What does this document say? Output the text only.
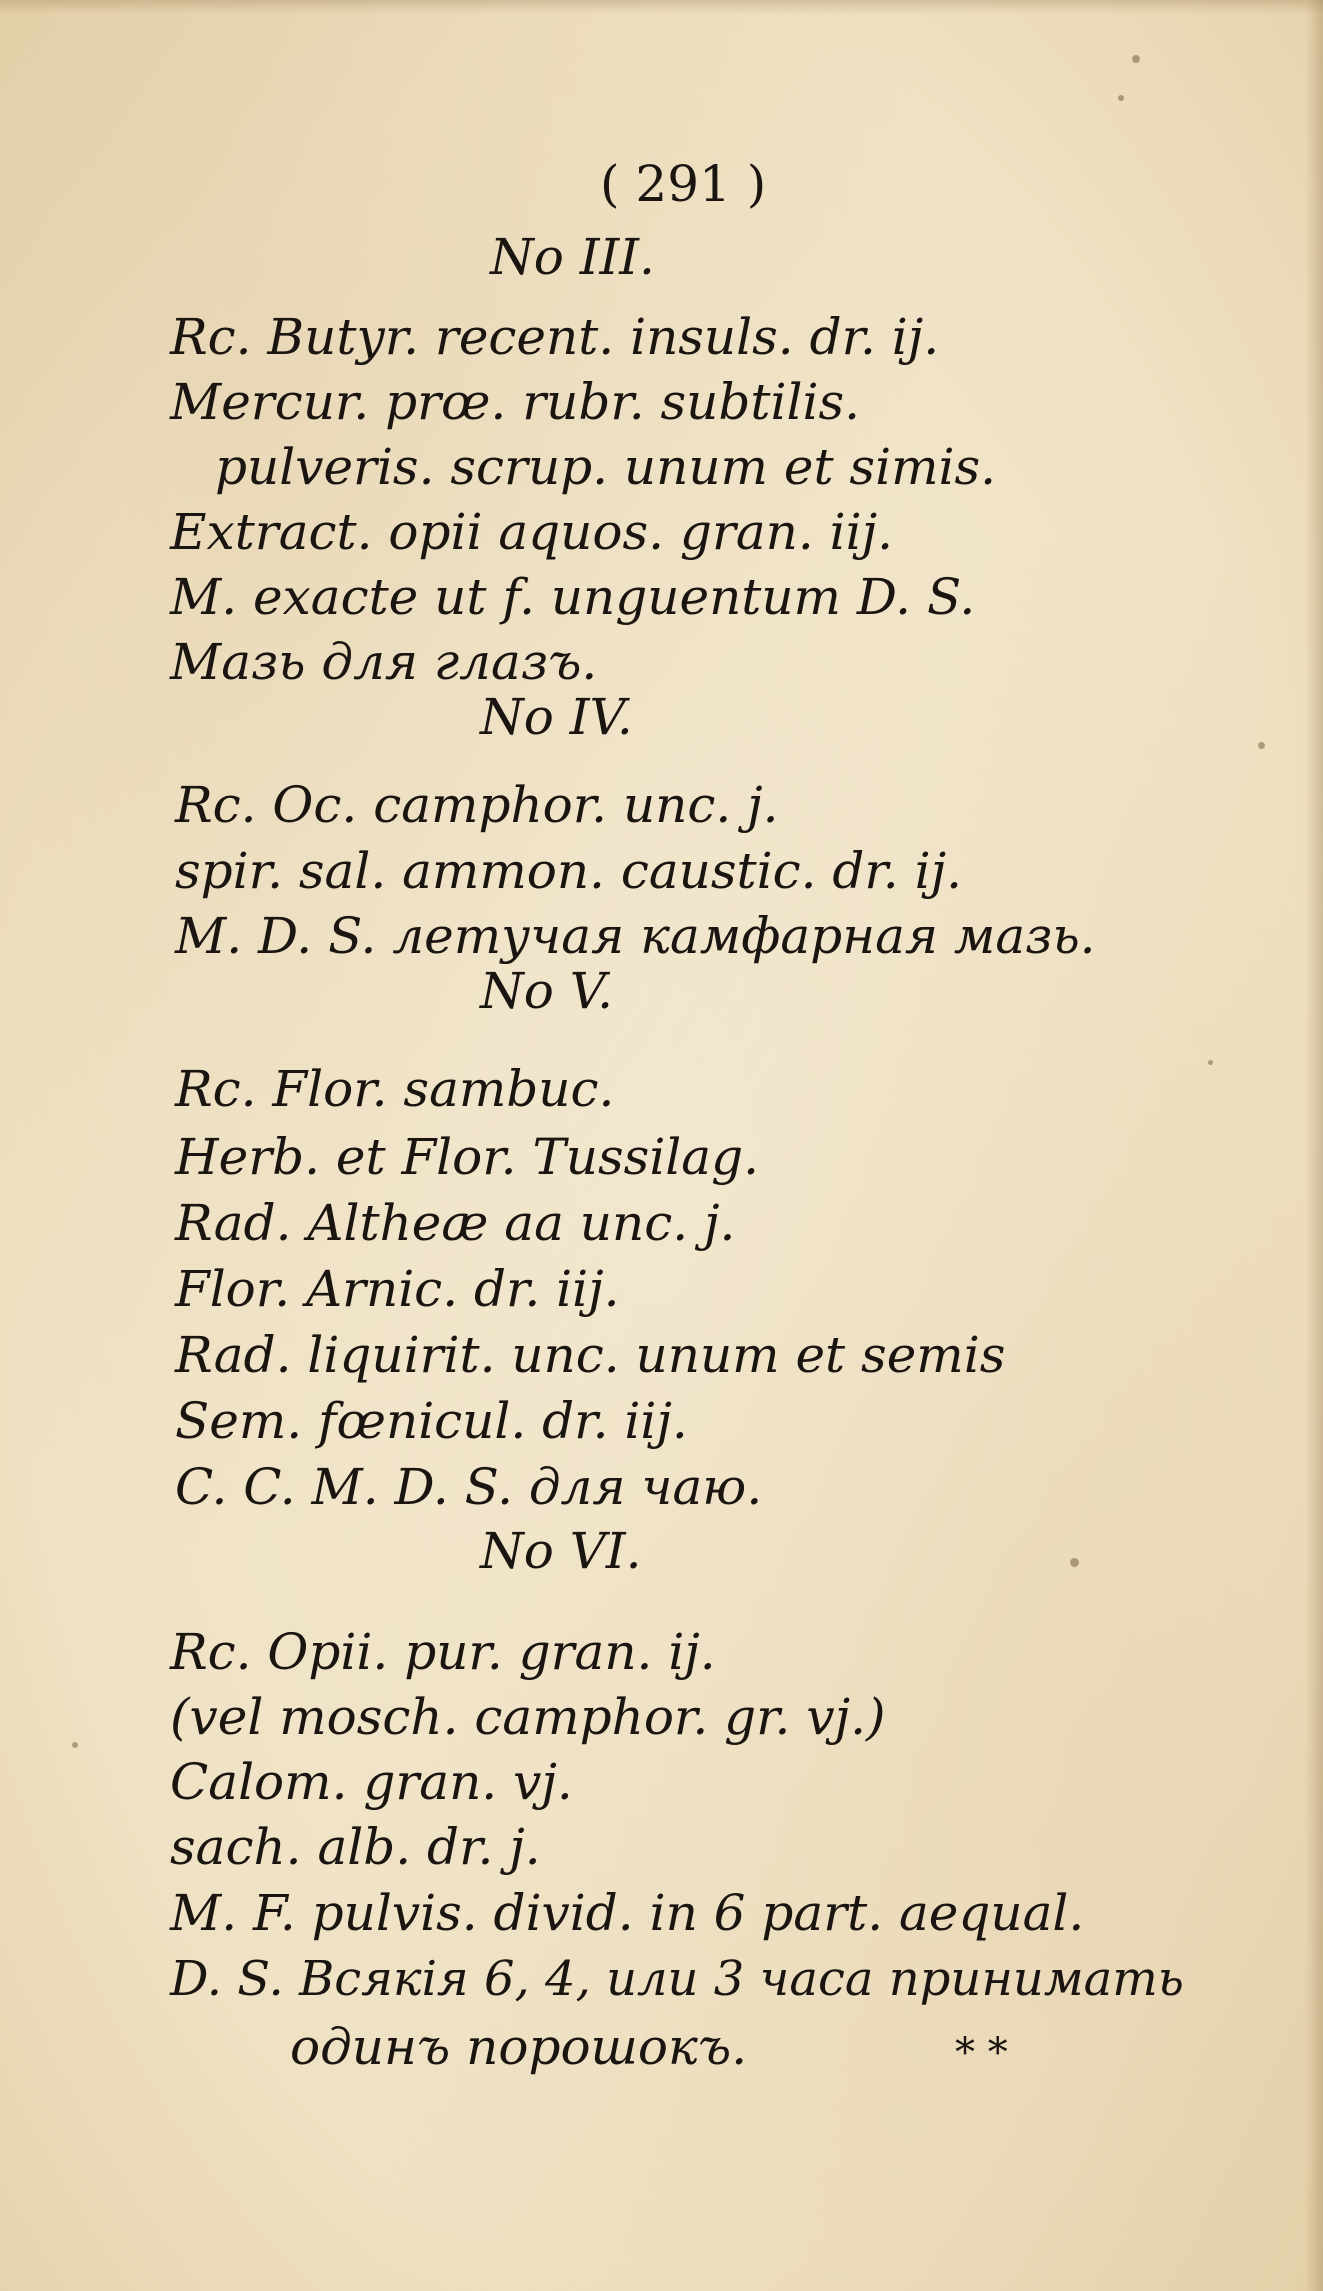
( 291 )
No III.
Rc. Butyr. recent. insuls. dr. ij.
Mercur. prœ. rubr. subtilis.
pulveris. scrup. unum et simis.
Extract. opii aquos. gran. iij.
M. exacte ut f. unguentum D. S.
Мазь для глазъ.
No IV.
Rc. Oc. camphor. unc. j.
spir. sal. ammon. caustic. dr. ij.
M. D. S. летучая камфарная мазь.
No V.
Rc. Flor. sambuc.
Herb. et Flor. Tussilag.
Rad. Altheæ aa unc. j.
Flor. Arnic. dr. iij.
Rad. liquirit. unc. unum et semis
Sem. fœnicul. dr. iij.
C. C. M. D. S. для чаю.
No VI.
Rc. Opii. pur. gran. ij.
(vel mosch. camphor. gr. vj.)
Calom. gran. vj.
sach. alb. dr. j.
M. F. pulvis. divid. in 6 part. aequal.
D. S. Всякія 6, 4, или 3 часа принимать
одинъ порошокъ.	* *
